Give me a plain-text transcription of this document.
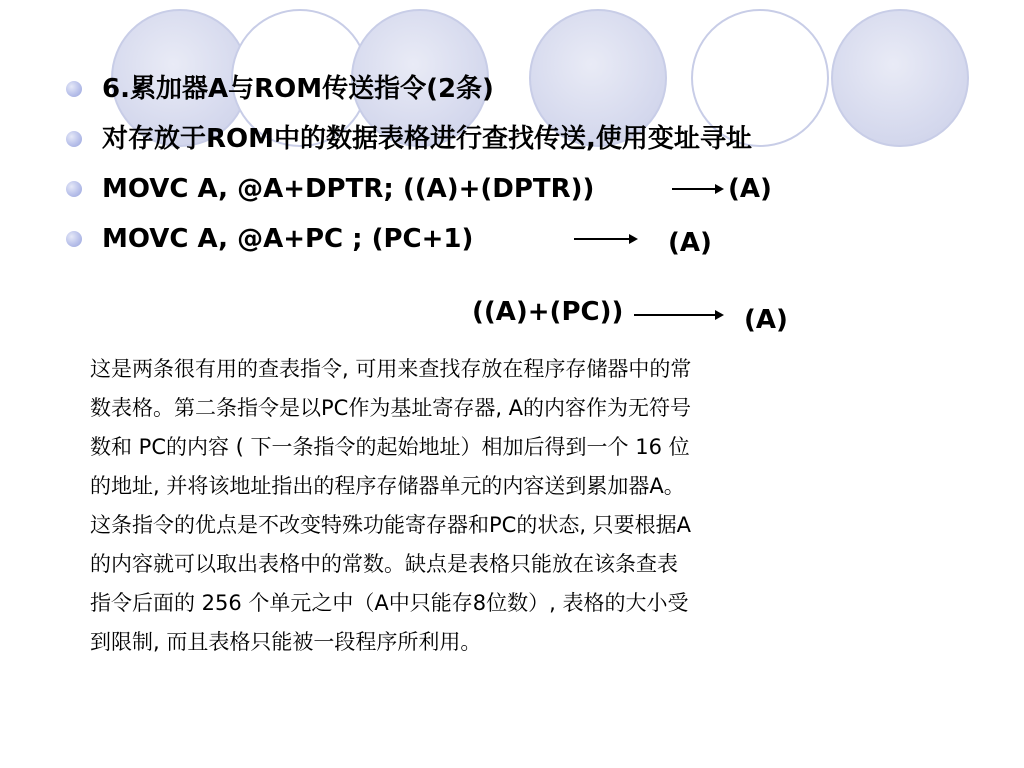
6.累加器A与ROM传送指令(2条)
对存放于ROM中的数据表格进行查找传送,使用变址寻址
MOVC A, @A+DPTR; ((A)+(DPTR))
MOVC A, @A+PC ; (PC+1)
(A)
(A)
((A)+(PC))	(A)
这是两条很有用的查表指令, 可用来查找存放在程序存储器中的常
数表格。第二条指令是以PC作为基址寄存器, A的内容作为无符号
数和 PC的内容 ( 下一条指令的起始地址）相加后得到一个 16 位
的地址, 并将该地址指出的程序存储器单元的内容送到累加器A。
这条指令的优点是不改变特殊功能寄存器和PC的状态, 只要根据A
的内容就可以取出表格中的常数。缺点是表格只能放在该条查表
指令后面的 256 个单元之中（A中只能存8位数）, 表格的大小受
到限制, 而且表格只能被一段程序所利用。
